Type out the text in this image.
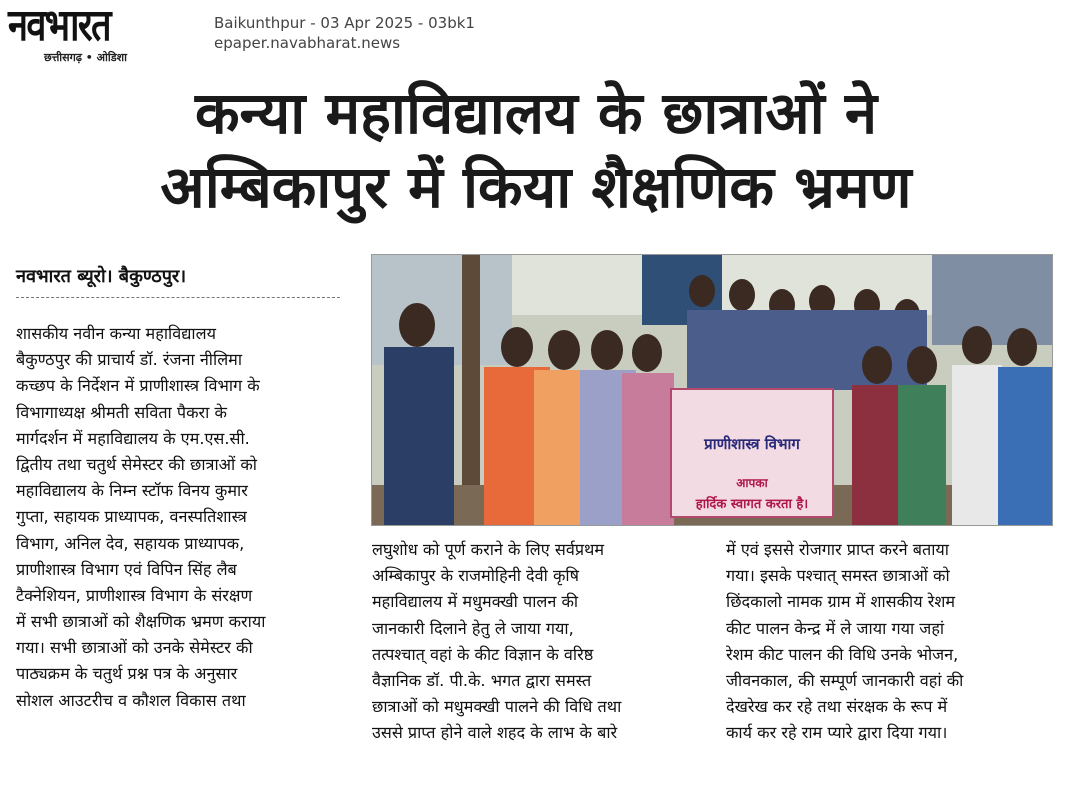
नवभारत
छत्तीसगढ़ • ओडिशा
Baikunthpur - 03 Apr 2025 - 03bk1
epaper.navabharat.news
कन्या महाविद्यालय के छात्राओं ने
अम्बिकापुर में किया शैक्षणिक भ्रमण
नवभारत ब्यूरो। बैकुण्ठपुर।
शासकीय नवीन कन्या महाविद्यालय
बैकुण्ठपुर की प्राचार्य डॉ. रंजना नीलिमा
कच्छप के निर्देशन में प्राणीशास्त्र विभाग के
विभागाध्यक्ष श्रीमती सविता पैकरा के
मार्गदर्शन में महाविद्यालय के एम.एस.सी.
द्वितीय तथा चतुर्थ सेमेस्टर की छात्राओं को
महाविद्यालय के निम्न स्टॉफ विनय कुमार
गुप्ता, सहायक प्राध्यापक, वनस्पतिशास्त्र
विभाग, अनिल देव, सहायक प्राध्यापक,
प्राणीशास्त्र विभाग एवं विपिन सिंह लैब
टैक्नेशियन, प्राणीशास्त्र विभाग के संरक्षण
में सभी छात्राओं को शैक्षणिक भ्रमण कराया
गया। सभी छात्राओं को उनके सेमेस्टर की
पाठ्यक्रम के चतुर्थ प्रश्न पत्र के अनुसार
सोशल आउटरीच व कौशल विकास तथा
प्राणीशास्त्र विभाग
आपका
हार्दिक स्वागत करता है।
लघुशोध को पूर्ण कराने के लिए सर्वप्रथम
अम्बिकापुर के राजमोहिनी देवी कृषि
महाविद्यालय में मधुमक्खी पालन की
जानकारी दिलाने हेतु ले जाया गया,
तत्पश्चात् वहां के कीट विज्ञान के वरिष्ठ
वैज्ञानिक डॉ. पी.के. भगत द्वारा समस्त
छात्राओं को मधुमक्खी पालने की विधि तथा
उससे प्राप्त होने वाले शहद के लाभ के बारे
में एवं इससे रोजगार प्राप्त करने बताया
गया। इसके पश्चात् समस्त छात्राओं को
छिंदकालो नामक ग्राम में शासकीय रेशम
कीट पालन केन्द्र में ले जाया गया जहां
रेशम कीट पालन की विधि उनके भोजन,
जीवनकाल, की सम्पूर्ण जानकारी वहां की
देखरेख कर रहे तथा संरक्षक के रूप में
कार्य कर रहे राम प्यारे द्वारा दिया गया।
